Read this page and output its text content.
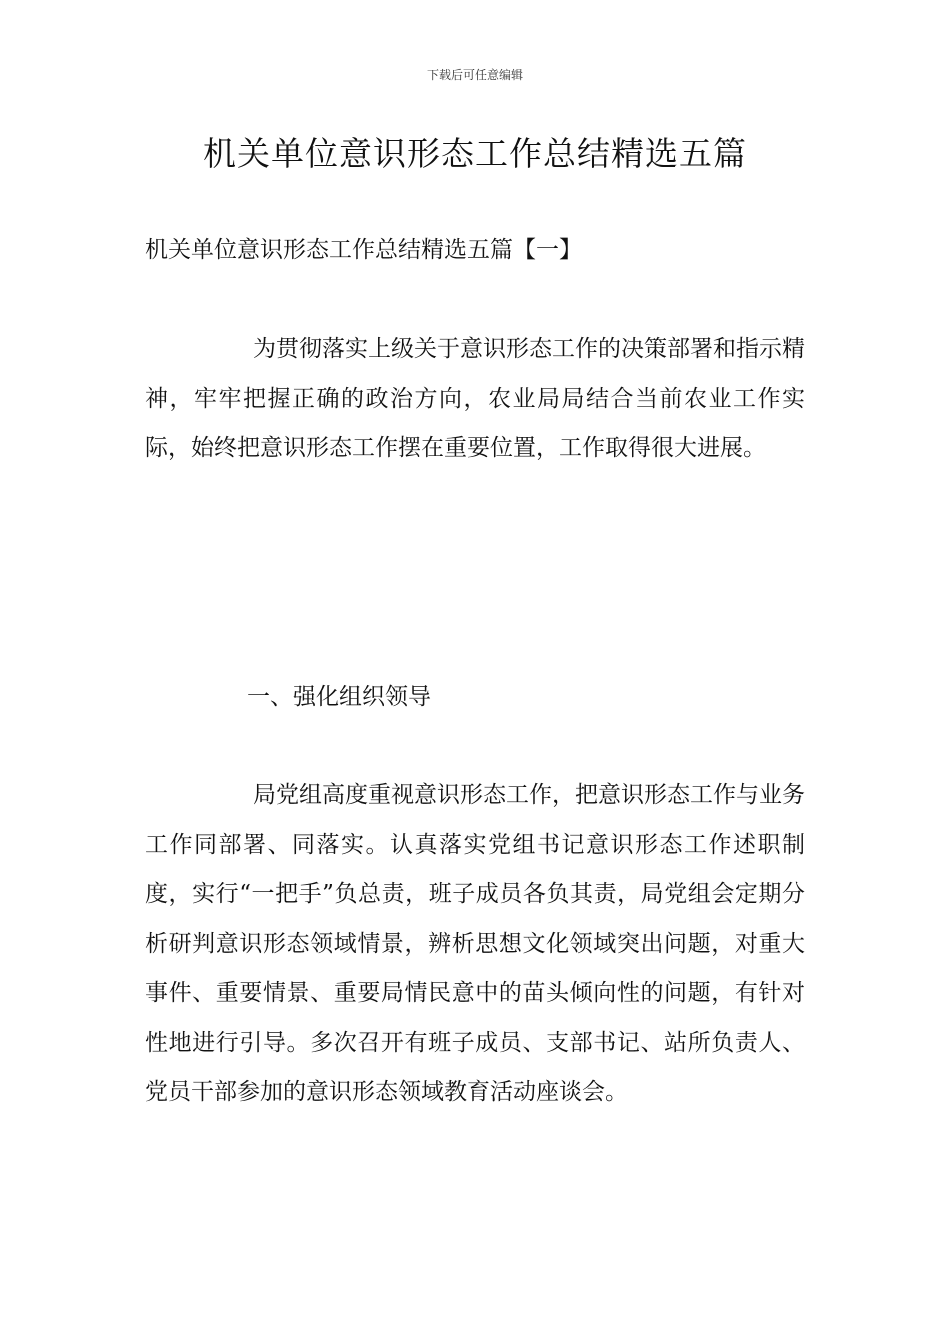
下载后可任意编辑
机关单位意识形态工作总结精选五篇
机关单位意识形态工作总结精选五篇【一】

为贯彻落实上级关于意识形态工作的决策部署和指示精神，牢牢把握正确的政治方向，农业局局结合当前农业工作实际，始终把意识形态工作摆在重要位置，工作取得很大进展。

一、强化组织领导

局党组高度重视意识形态工作，把意识形态工作与业务工作同部署、同落实。认真落实党组书记意识形态工作述职制度，实行“一把手”负总责，班子成员各负其责，局党组会定期分析研判意识形态领域情景，辨析思想文化领域突出问题，对重大事件、重要情景、重要局情民意中的苗头倾向性的问题，有针对性地进行引导。多次召开有班子成员、支部书记、站所负责人、党员干部参加的意识形态领域教育活动座谈会。
